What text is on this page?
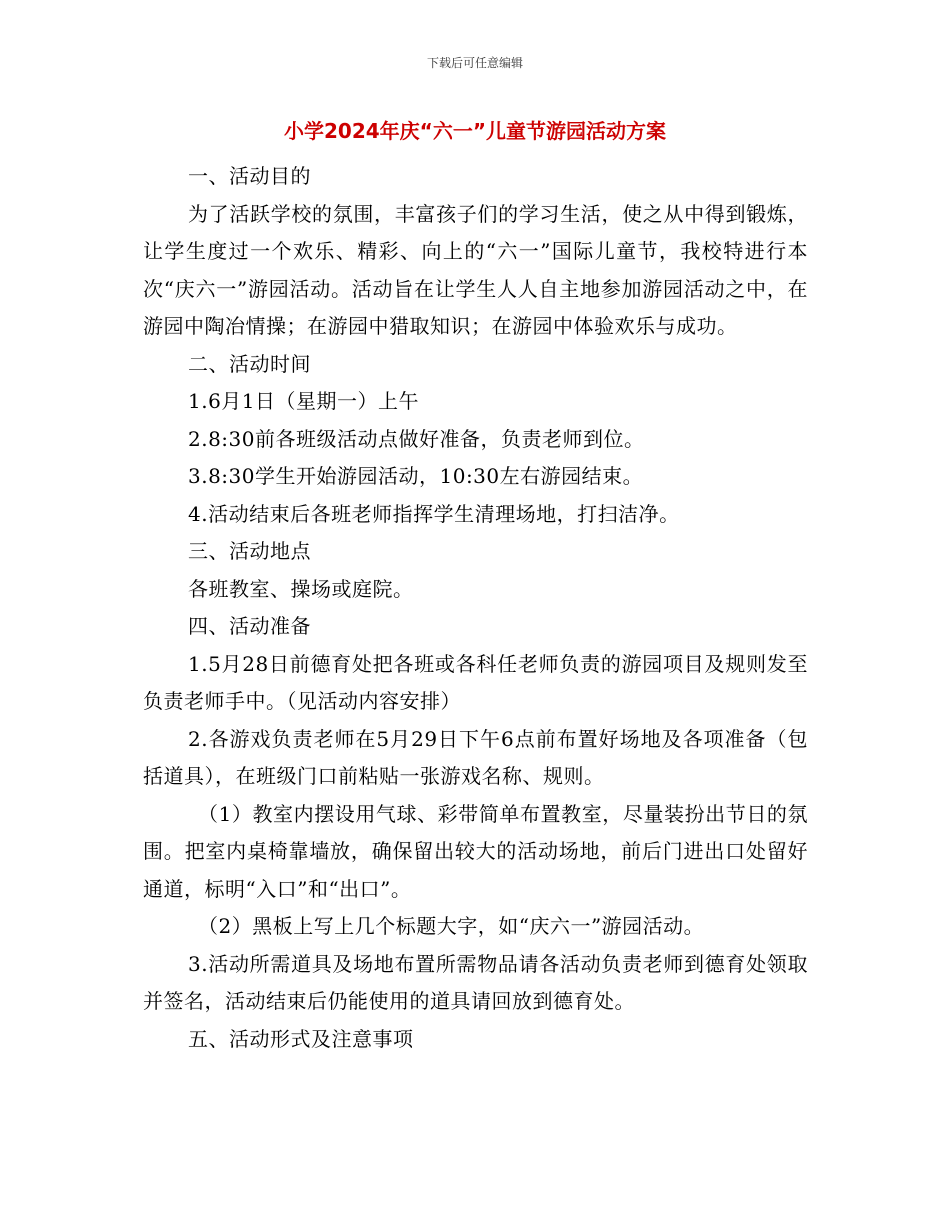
下载后可任意编辑
小学2024年庆“六一”儿童节游园活动方案

一、活动目的

为了活跃学校的氛围，丰富孩子们的学习生活，使之从中得到锻炼，让学生度过一个欢乐、精彩、向上的“六一”国际儿童节，我校特进行本次“庆六一”游园活动。活动旨在让学生人人自主地参加游园活动之中，在游园中陶冶情操；在游园中猎取知识；在游园中体验欢乐与成功。

二、活动时间

1.6月1日（星期一）上午

2.8:30前各班级活动点做好准备，负责老师到位。

3.8:30学生开始游园活动，10:30左右游园结束。

4.活动结束后各班老师指挥学生清理场地，打扫洁净。

三、活动地点

各班教室、操场或庭院。

四、活动准备

1.5月28日前德育处把各班或各科任老师负责的游园项目及规则发至负责老师手中。（见活动内容安排）

2.各游戏负责老师在5月29日下午6点前布置好场地及各项准备（包括道具），在班级门口前粘贴一张游戏名称、规则。

（1）教室内摆设用气球、彩带简单布置教室，尽量装扮出节日的氛围。把室内桌椅靠墙放，确保留出较大的活动场地，前后门进出口处留好通道，标明“入口”和“出口”。

（2）黑板上写上几个标题大字，如“庆六一”游园活动。

3.活动所需道具及场地布置所需物品请各活动负责老师到德育处领取并签名，活动结束后仍能使用的道具请回放到德育处。

五、活动形式及注意事项
